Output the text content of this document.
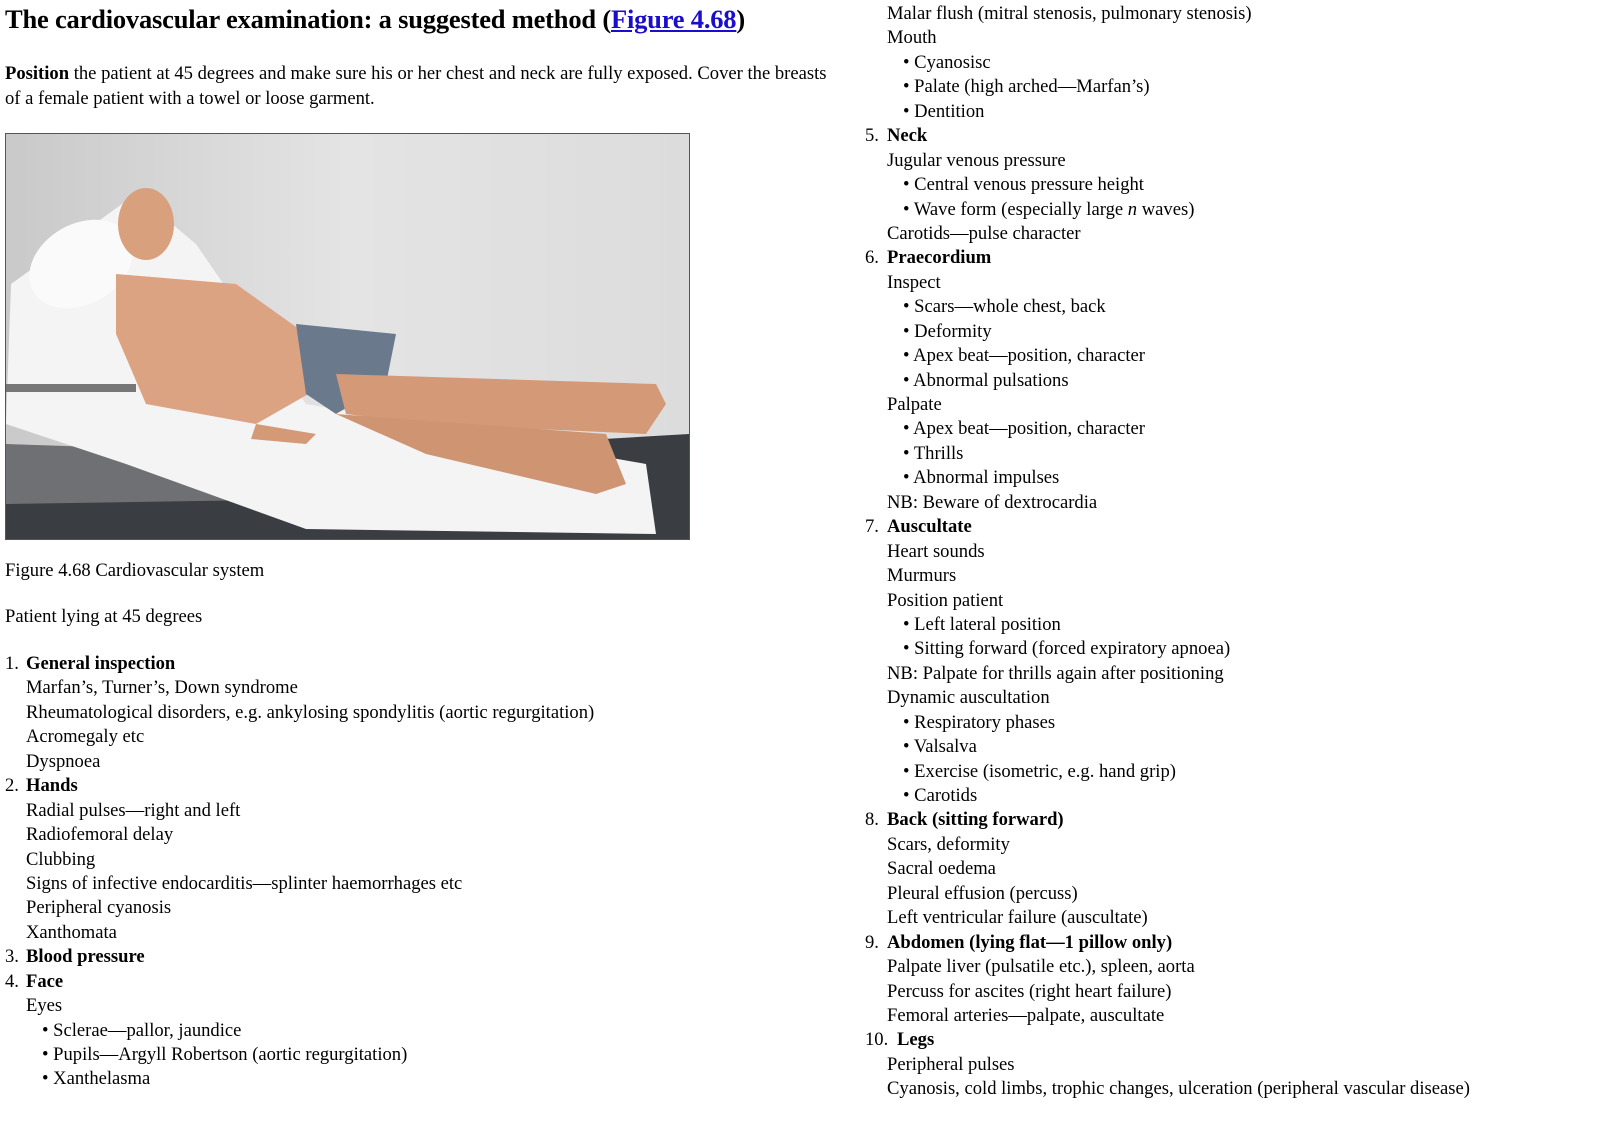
The cardiovascular examination: a suggested method (Figure 4.68)
Position the patient at 45 degrees and make sure his or her chest and neck are fully exposed. Cover the breasts of a female patient with a towel or loose garment.
Figure 4.68 Cardiovascular system
Patient lying at 45 degrees
1. General inspection
Marfan’s, Turner’s, Down syndrome
Rheumatological disorders, e.g. ankylosing spondylitis (aortic regurgitation)
Acromegaly etc
Dyspnoea
2. Hands
Radial pulses—right and left
Radiofemoral delay
Clubbing
Signs of infective endocarditis—splinter haemorrhages etc
Peripheral cyanosis
Xanthomata
3. Blood pressure
4. Face
Eyes
• Sclerae—pallor, jaundice
• Pupils—Argyll Robertson (aortic regurgitation)
• Xanthelasma
Malar flush (mitral stenosis, pulmonary stenosis)
Mouth
• Cyanosisc
• Palate (high arched—Marfan’s)
• Dentition
5. Neck
Jugular venous pressure
• Central venous pressure height
• Wave form (especially large n waves)
Carotids—pulse character
6. Praecordium
Inspect
• Scars—whole chest, back
• Deformity
• Apex beat—position, character
• Abnormal pulsations
Palpate
• Apex beat—position, character
• Thrills
• Abnormal impulses
NB: Beware of dextrocardia
7. Auscultate
Heart sounds
Murmurs
Position patient
• Left lateral position
• Sitting forward (forced expiratory apnoea)
NB: Palpate for thrills again after positioning
Dynamic auscultation
• Respiratory phases
• Valsalva
• Exercise (isometric, e.g. hand grip)
• Carotids
8. Back (sitting forward)
Scars, deformity
Sacral oedema
Pleural effusion (percuss)
Left ventricular failure (auscultate)
9. Abdomen (lying flat—1 pillow only)
Palpate liver (pulsatile etc.), spleen, aorta
Percuss for ascites (right heart failure)
Femoral arteries—palpate, auscultate
10. Legs
Peripheral pulses
Cyanosis, cold limbs, trophic changes, ulceration (peripheral vascular disease)
